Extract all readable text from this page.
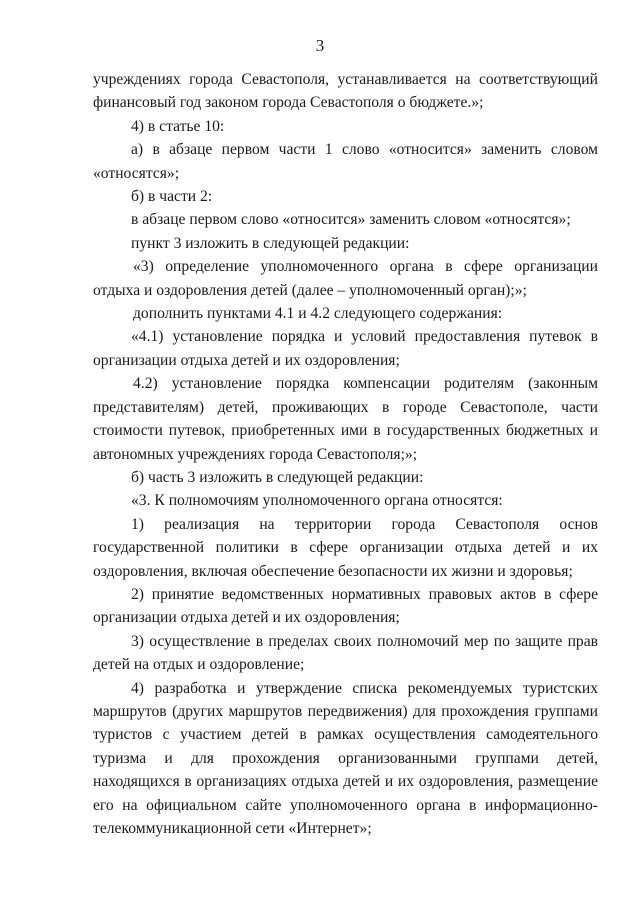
3

учреждениях города Севастополя, устанавливается на соответствующий финансовый год законом города Севастополя о бюджете.»;

4) в статье 10:

а) в абзаце первом части 1 слово «относится» заменить словом «относятся»;

б) в части 2:

в абзаце первом слово «относится» заменить словом «относятся»;

пункт 3 изложить в следующей редакции:

«3) определение уполномоченного органа в сфере организации отдыха и оздоровления детей (далее – уполномоченный орган);»;

дополнить пунктами 4.1 и 4.2 следующего содержания:

«4.1) установление порядка и условий предоставления путевок в организации отдыха детей и их оздоровления;

4.2) установление порядка компенсации родителям (законным представителям) детей, проживающих в городе Севастополе, части стоимости путевок, приобретенных ими в государственных бюджетных и автономных учреждениях города Севастополя;»;

б) часть 3 изложить в следующей редакции:

«3. К полномочиям уполномоченного органа относятся:

1) реализация на территории города Севастополя основ государственной политики в сфере организации отдыха детей и их оздоровления, включая обеспечение безопасности их жизни и здоровья;

2) принятие ведомственных нормативных правовых актов в сфере организации отдыха детей и их оздоровления;

3) осуществление в пределах своих полномочий мер по защите прав детей на отдых и оздоровление;

4) разработка и утверждение списка рекомендуемых туристских маршрутов (других маршрутов передвижения) для прохождения группами туристов с участием детей в рамках осуществления самодеятельного туризма и для прохождения организованными группами детей, находящихся в организациях отдыха детей и их оздоровления, размещение его на официальном сайте уполномоченного органа в информационно-телекоммуникационной сети «Интернет»;
